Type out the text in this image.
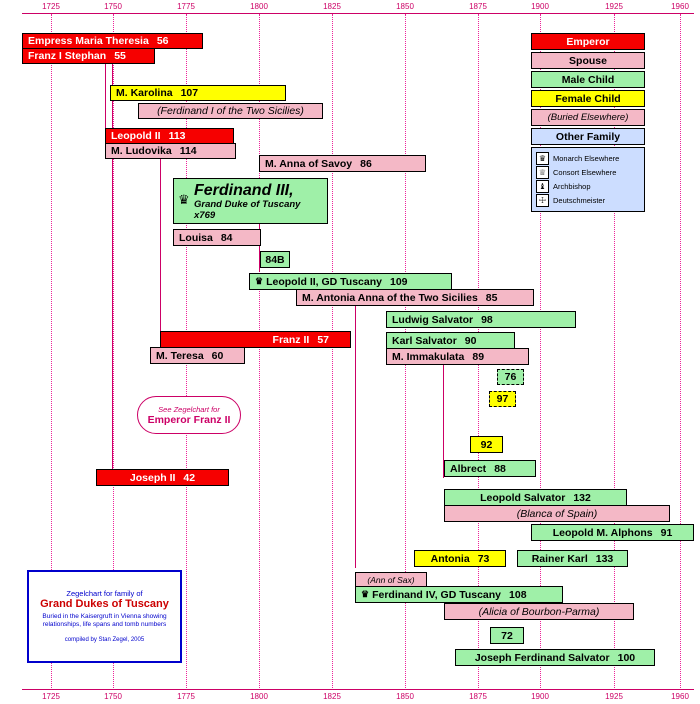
1725	1750	1775	1800	1825	1850	1875	1900	1925	1960
1725	1750	1775	1800	1825	1850	1875	1900	1925	1960
Emperor
Spouse
Male Child
Female Child
(Buried Elsewhere)
Other Family
♛ Monarch Elsewhere
♕ Consort Elsewhere
♝ Archbishop
☩ Deutschmeister
Empress Maria Theresia 56
Franz I Stephan 55
M. Karolina 107
(Ferdinand I of the Two Sicilies)
Leopold II 113
M. Ludovika 114
M. Anna of Savoy 86
♛
Ferdinand III,
Grand Duke of Tuscany x769
Louisa 84
84B
♛ Leopold II, GD Tuscany 109
M. Antonia Anna of the Two Sicilies 85
Ludwig Salvator 98
Karl Salvator 90
M. Immakulata 89
Franz II 57
M. Teresa 60
76
97
92
Albrect 88
Joseph II 42
Leopold Salvator 132
(Blanca of Spain)
Leopold M. Alphons 91
Rainer Karl 133
Antonia 73
(Ann of Sax)
♛ Ferdinand IV, GD Tuscany 108
(Alicia of Bourbon-Parma)
72
Joseph Ferdinand Salvator 100
See Zegelchart for
Emperor Franz II
Zegelchart for family of
Grand Dukes of Tuscany
Buried in the Kaisergruft in Vienna showing relationships, life spans and tomb numbers
compiled by Stan Zegel, 2005
